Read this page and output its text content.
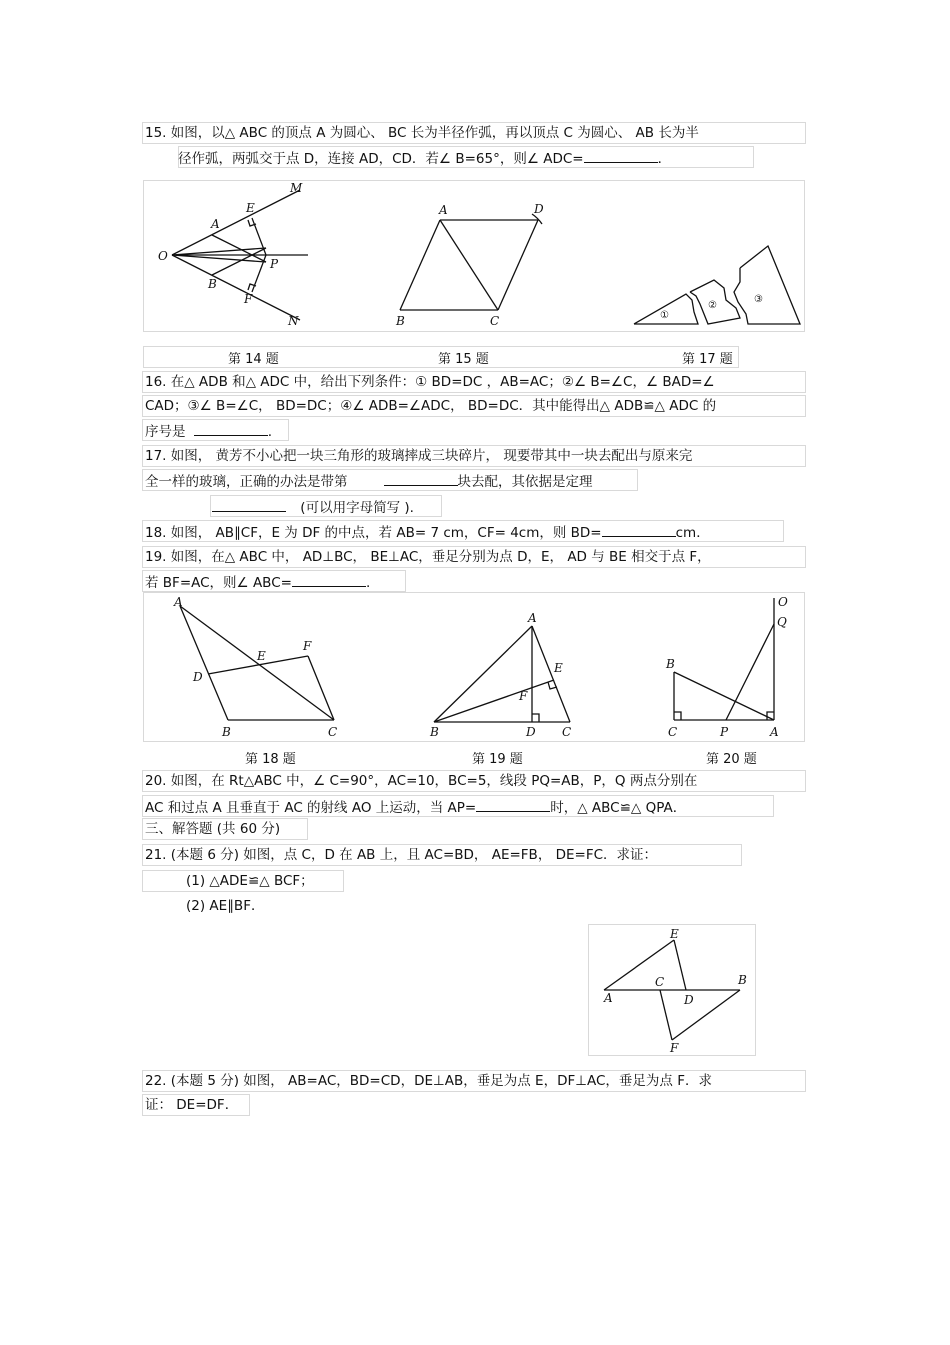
15. 如图，以△ ABC 的顶点 A 为圆心、 BC 长为半径作弧，再以顶点 C 为圆心、 AB 长为半
径作弧，两弧交于点 D，连接 AD，CD．若∠ B=65°，则∠ ADC=	．
M
E
A
O
P
B
F
N
A	D
B	C	①
②
③
第 14 题	第 15 题	第 17 题
16. 在△ ADB 和△ ADC 中，给出下列条件：① BD=DC ，AB=AC；②∠ B=∠C，∠ BAD=∠
CAD；③∠ B=∠C， BD=DC；④∠ ADB=∠ADC， BD=DC．其中能得出△ ADB≌△ ADC 的
序号是	.
17. 如图， 黄芳不小心把一块三角形的玻璃摔成三块碎片， 现要带其中一块去配出与原来完
全一样的玻璃，正确的办法是带第	块去配，其依据是定理
(可以用字母简写 ).
18. 如图， AB∥CF，E 为 DF 的中点，若 AB= 7 cm，CF= 4cm，则 BD=	cm．
19. 如图，在△ ABC 中， AD⊥BC， BE⊥AC，垂足分别为点 D，E， AD 与 BE 相交于点 F，
若 BF=AC，则∠ ABC=	.
A
E
F
D
B	C
A
E
F
B	D C
O
Q
B
C	P	A
第 18 题	第 19 题	第 20 题
20. 如图，在 Rt△ABC 中，∠ C=90°，AC=10，BC=5，线段 PQ=AB，P，Q 两点分别在
AC 和过点 A 且垂直于 AC 的射线 AO 上运动，当 AP=	时，△ ABC≌△ QPA．
三、解答题 (共 60 分)
21. (本题 6 分) 如图，点 C，D 在 AB 上，且 AC=BD， AE=FB， DE=FC．求证：
(1) △ADE≌△ BCF；
(2) AE∥BF．
E
A
C
D
B
F
22. (本题 5 分) 如图， AB=AC，BD=CD，DE⊥AB，垂足为点 E，DF⊥AC，垂足为点 F．求
证： DE=DF．
